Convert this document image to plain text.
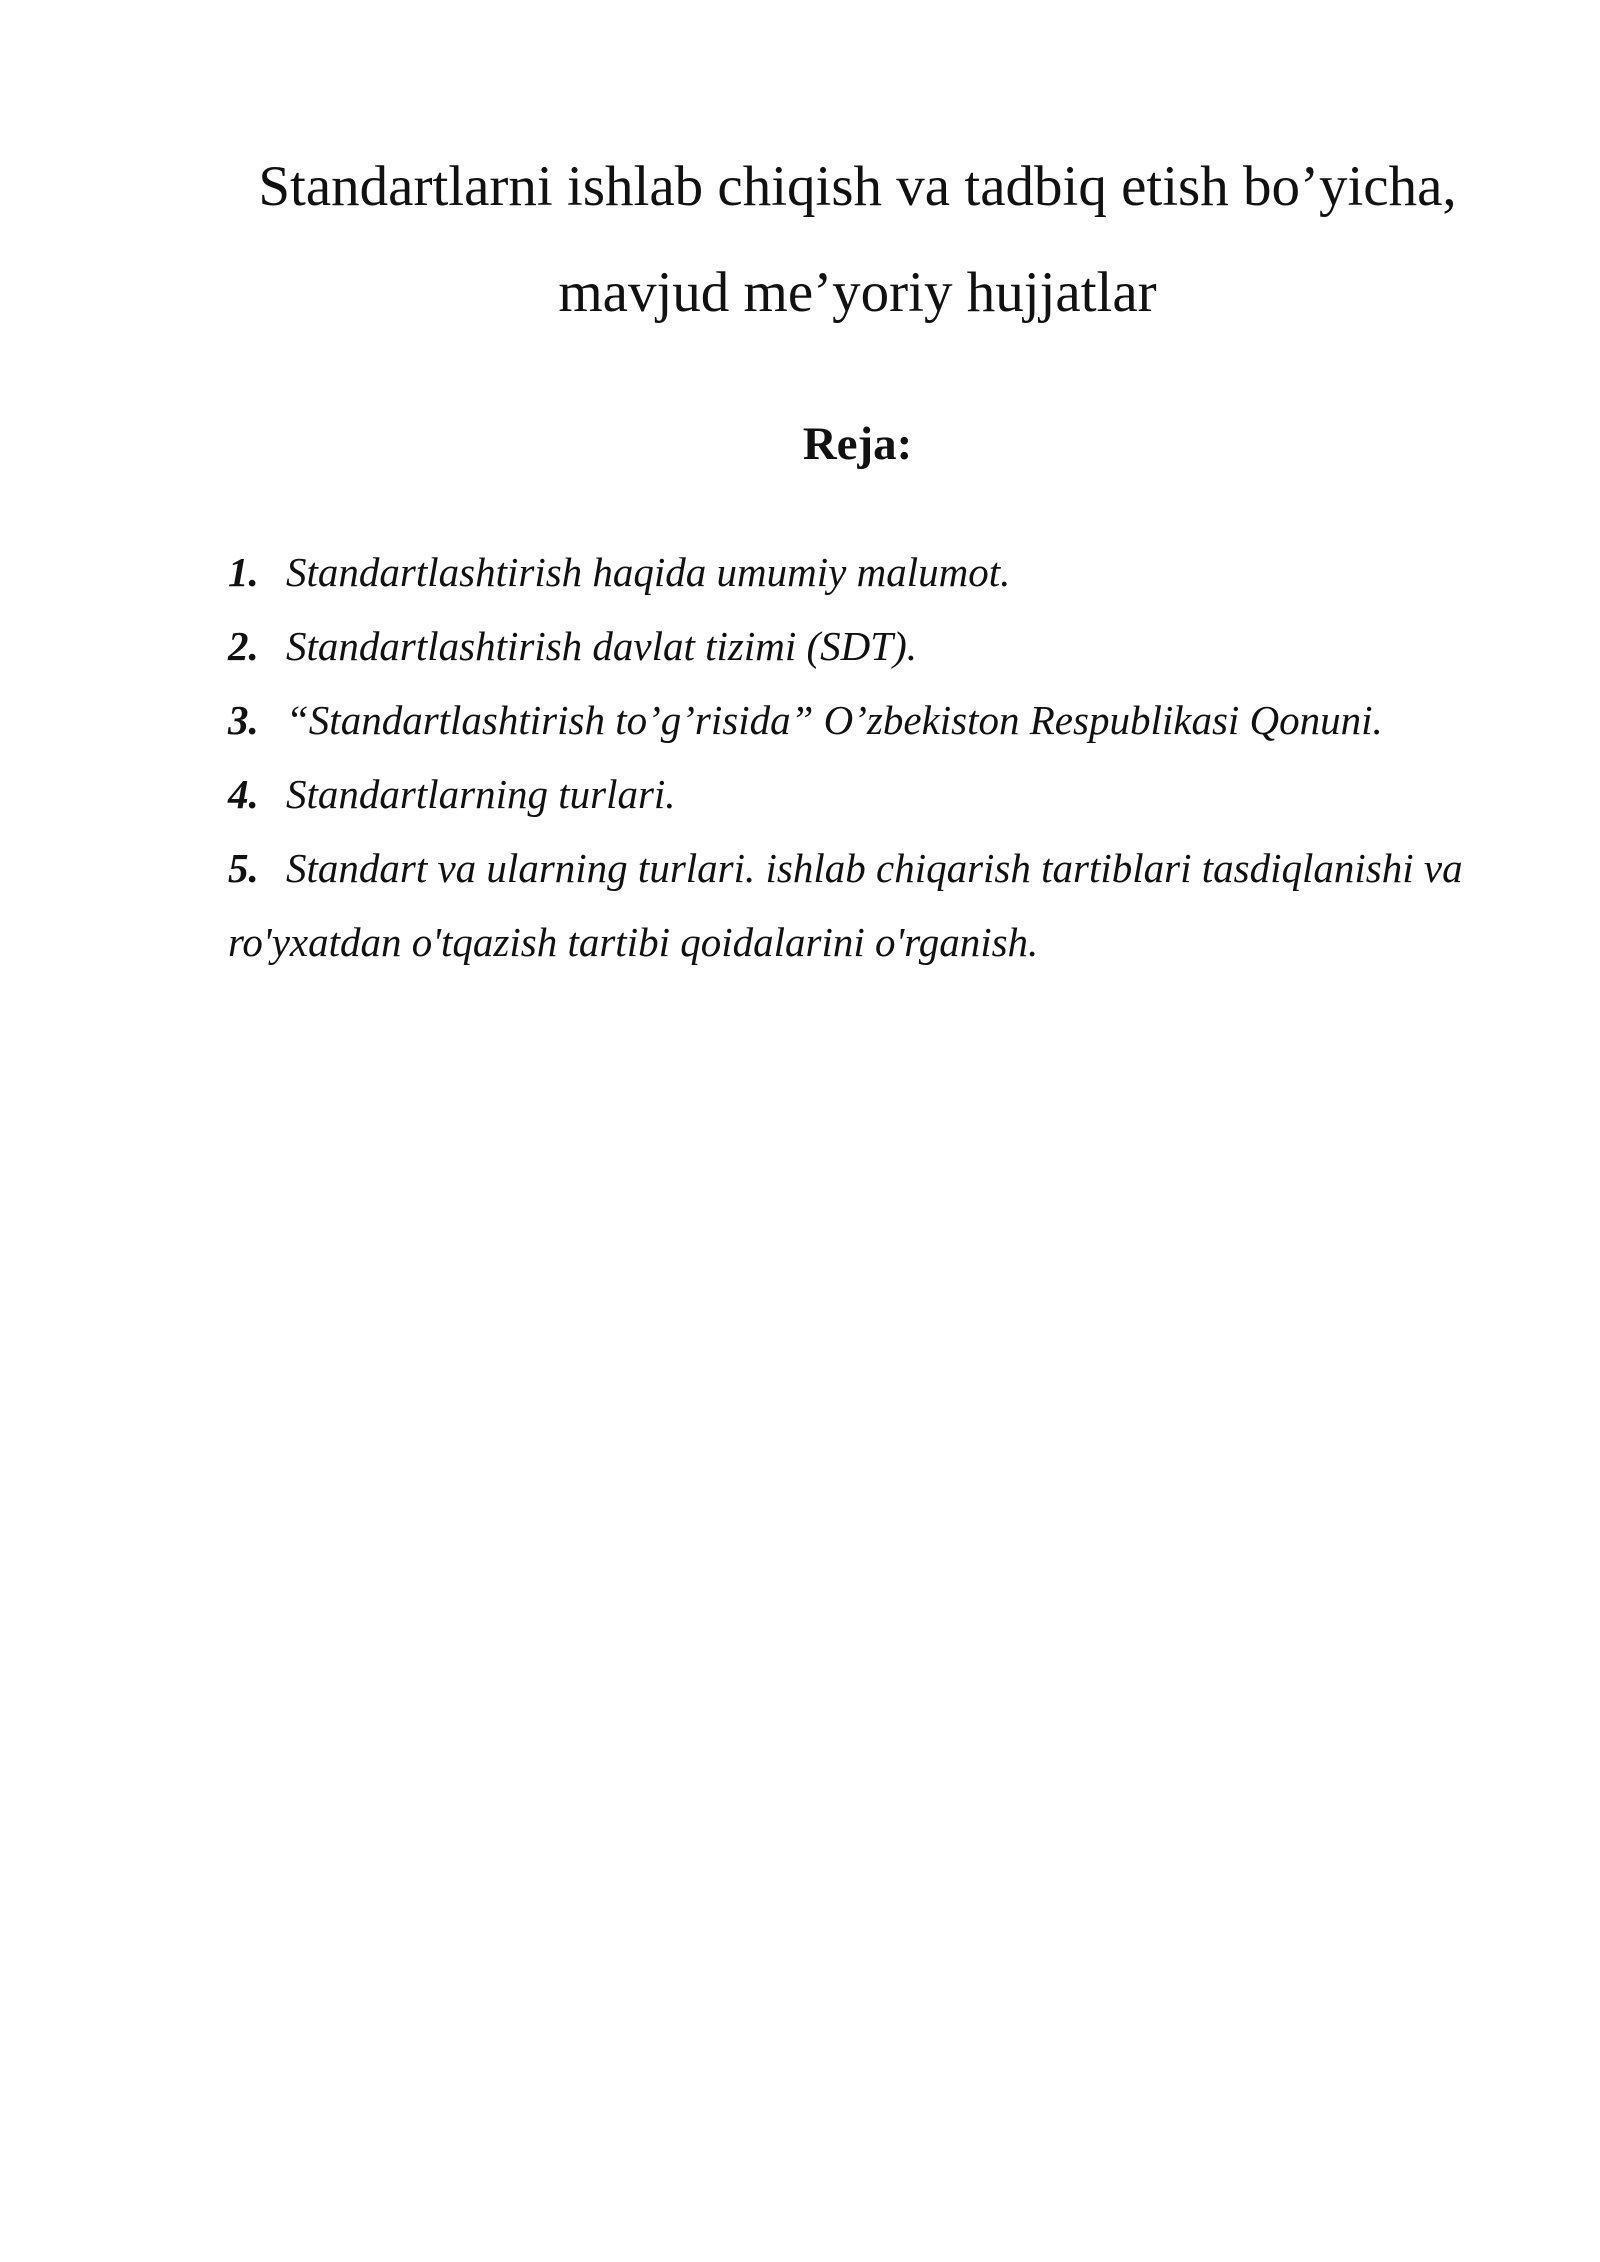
Standartlarni ishlab chiqish va tadbiq etish bo’yicha,
mavjud me’yoriy hujjatlar
Reja:
1. Standartlashtirish haqida umumiy malumot.
2. Standartlashtirish davlat tizimi (SDT).
3. “Standartlashtirish to’g’risida” O’zbekiston Respublikasi Qonuni.
4. Standartlarning turlari.
5. Standart va ularning turlari. ishlab chiqarish tartiblari tasdiqlanishi va ro'yxatdan o'tqazish tartibi qoidalarini o'rganish.
